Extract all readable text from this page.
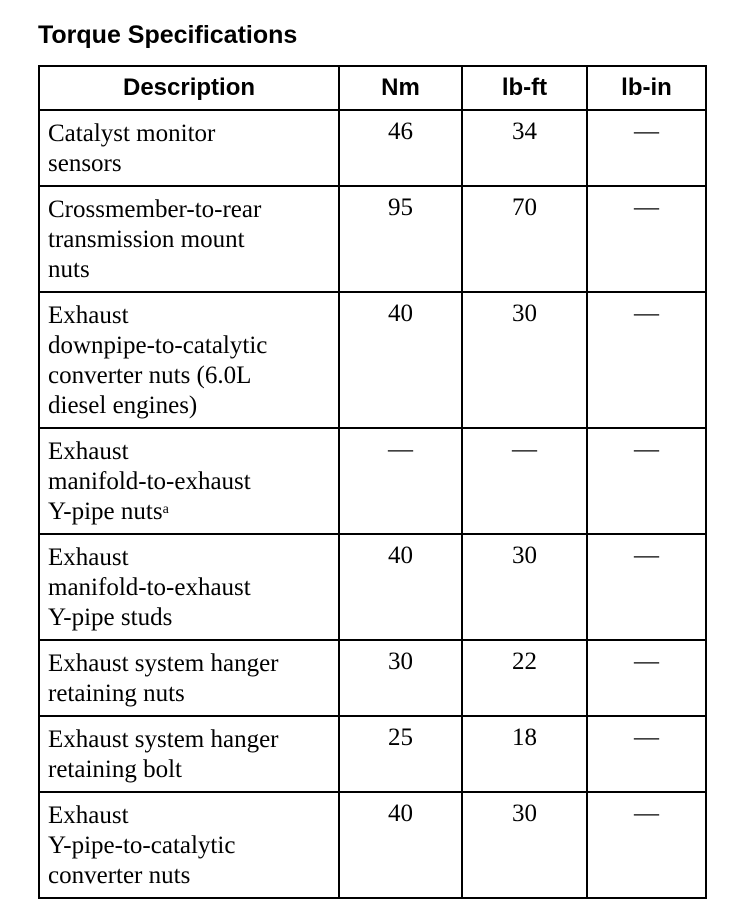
Torque Specifications
Description	Nm	lb-ft	lb-in

Catalyst monitor
sensors	46	34	—

Crossmember-to-rear
transmission mount
nuts	95	70	—

Exhaust
downpipe-to-catalytic
converter nuts (6.0L
diesel engines)	40	30	—

Exhaust
manifold-to-exhaust
Y-pipe nuts$^a$	—	—	—

Exhaust
manifold-to-exhaust
Y-pipe studs	40	30	—

Exhaust system hanger
retaining nuts	30	22	—

Exhaust system hanger
retaining bolt	25	18	—

Exhaust
Y-pipe-to-catalytic
converter nuts	40	30	—
